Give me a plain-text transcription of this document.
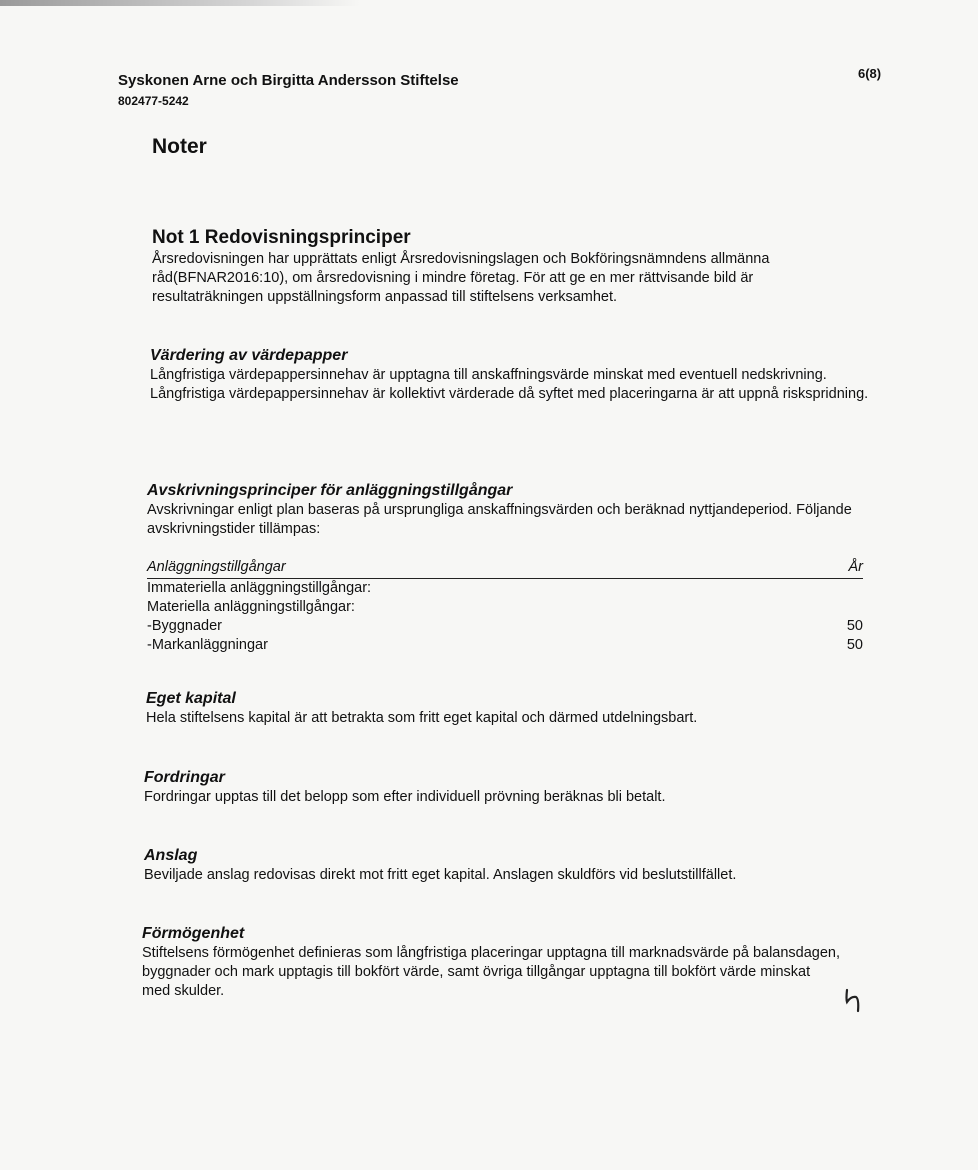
Syskonen Arne och Birgitta Andersson Stiftelse
802477-5242
6(8)
Noter
Not 1 Redovisningsprinciper

Årsredovisningen har upprättats enligt Årsredovisningslagen och Bokföringsnämndens allmänna råd(BFNAR2016:10), om årsredovisning i mindre företag. För att ge en mer rättvisande bild är resultaträkningen uppställningsform anpassad till stiftelsens verksamhet.

Värdering av värdepapper

Långfristiga värdepappersinnehav är upptagna till anskaffningsvärde minskat med eventuell nedskrivning. Långfristiga värdepappersinnehav är kollektivt värderade då syftet med placeringarna är att uppnå riskspridning.

Avskrivningsprinciper för anläggningstillgångar

Avskrivningar enligt plan baseras på ursprungliga anskaffningsvärden och beräknad nyttjandeperiod. Följande avskrivningstider tillämpas:

Anläggningstillgångar	År
Immateriella anläggningstillgångar:
Materiella anläggningstillgångar:
-Byggnader	50
-Markanläggningar	50
Eget kapital

Hela stiftelsens kapital är att betrakta som fritt eget kapital och därmed utdelningsbart.

Fordringar

Fordringar upptas till det belopp som efter individuell prövning beräknas bli betalt.

Anslag

Beviljade anslag redovisas direkt mot fritt eget kapital. Anslagen skuldförs vid beslutstillfället.

Förmögenhet

Stiftelsens förmögenhet definieras som långfristiga placeringar upptagna till marknadsvärde på balansdagen, byggnader och mark upptagis till bokfört värde, samt övriga tillgångar upptagna till bokfört värde minskat med skulder.
